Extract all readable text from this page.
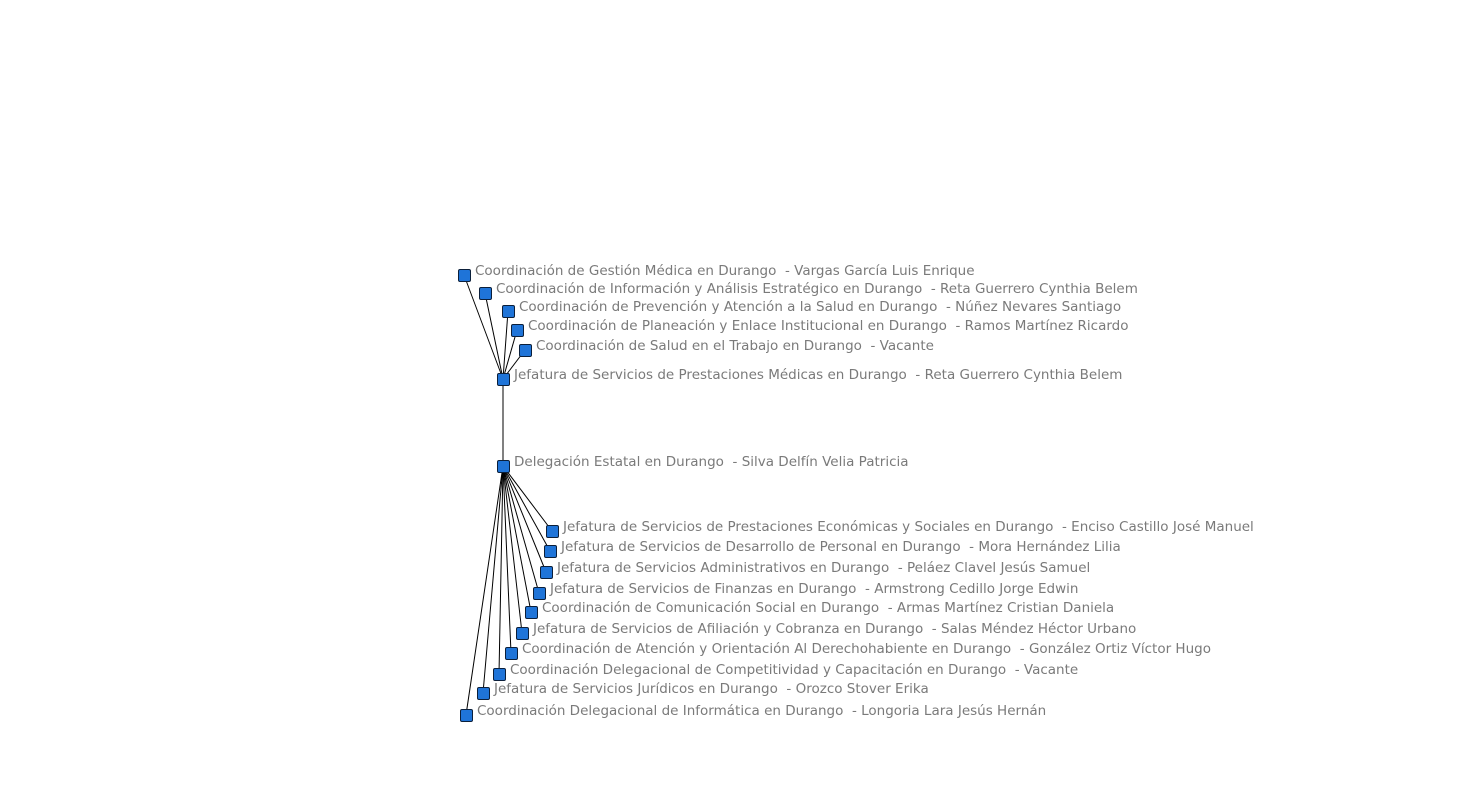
Coordinación de Gestión Médica en Durango  - Vargas García Luis Enrique
Coordinación de Información y Análisis Estratégico en Durango  - Reta Guerrero Cynthia Belem
Coordinación de Prevención y Atención a la Salud en Durango  - Núñez Nevares Santiago
Coordinación de Planeación y Enlace Institucional en Durango  - Ramos Martínez Ricardo
Coordinación de Salud en el Trabajo en Durango  - Vacante
Jefatura de Servicios de Prestaciones Médicas en Durango  - Reta Guerrero Cynthia Belem
Delegación Estatal en Durango  - Silva Delfín Velia Patricia
Jefatura de Servicios de Prestaciones Económicas y Sociales en Durango  - Enciso Castillo José Manuel
Jefatura de Servicios de Desarrollo de Personal en Durango  - Mora Hernández Lilia
Jefatura de Servicios Administrativos en Durango  - Peláez Clavel Jesús Samuel
Jefatura de Servicios de Finanzas en Durango  - Armstrong Cedillo Jorge Edwin
Coordinación de Comunicación Social en Durango  - Armas Martínez Cristian Daniela
Jefatura de Servicios de Afiliación y Cobranza en Durango  - Salas Méndez Héctor Urbano
Coordinación de Atención y Orientación Al Derechohabiente en Durango  - González Ortiz Víctor Hugo
Coordinación Delegacional de Competitividad y Capacitación en Durango  - Vacante
Jefatura de Servicios Jurídicos en Durango  - Orozco Stover Erika
Coordinación Delegacional de Informática en Durango  - Longoria Lara Jesús Hernán
